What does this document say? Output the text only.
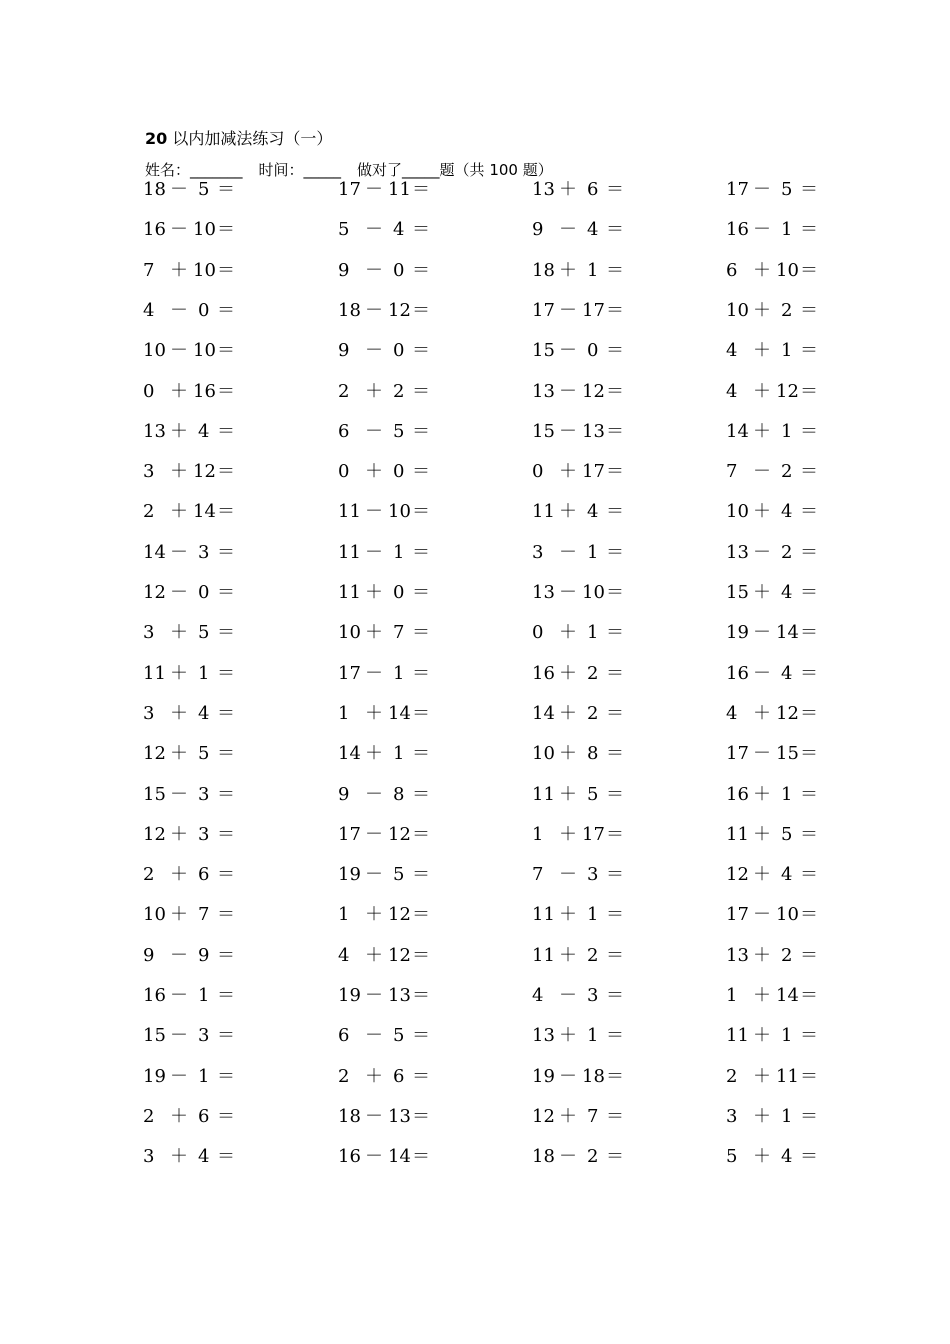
20 以内加减法练习（一）
姓名：_______ 时间：_____ 做对了_____题（共 100 题）
18 － 5 ＝
16 － 10 ＝
7 ＋ 10 ＝
4 － 0 ＝
10 － 10 ＝
0 ＋ 16 ＝
13 ＋ 4 ＝
3 ＋ 12 ＝
2 ＋ 14 ＝
14 － 3 ＝
12 － 0 ＝
3 ＋ 5 ＝
11 ＋ 1 ＝
3 ＋ 4 ＝
12 ＋ 5 ＝
15 － 3 ＝
12 ＋ 3 ＝
2 ＋ 6 ＝
10 ＋ 7 ＝
9 － 9 ＝
16 － 1 ＝
15 － 3 ＝
19 － 1 ＝
2 ＋ 6 ＝
3 ＋ 4 ＝
17 － 11 ＝
5 － 4 ＝
9 － 0 ＝
18 － 12 ＝
9 － 0 ＝
2 ＋ 2 ＝
6 － 5 ＝
0 ＋ 0 ＝
11 － 10 ＝
11 － 1 ＝
11 ＋ 0 ＝
10 ＋ 7 ＝
17 － 1 ＝
1 ＋ 14 ＝
14 ＋ 1 ＝
9 － 8 ＝
17 － 12 ＝
19 － 5 ＝
1 ＋ 12 ＝
4 ＋ 12 ＝
19 － 13 ＝
6 － 5 ＝
2 ＋ 6 ＝
18 － 13 ＝
16 － 14 ＝
13 ＋ 6 ＝
9 － 4 ＝
18 ＋ 1 ＝
17 － 17 ＝
15 － 0 ＝
13 － 12 ＝
15 － 13 ＝
0 ＋ 17 ＝
11 ＋ 4 ＝
3 － 1 ＝
13 － 10 ＝
0 ＋ 1 ＝
16 ＋ 2 ＝
14 ＋ 2 ＝
10 ＋ 8 ＝
11 ＋ 5 ＝
1 ＋ 17 ＝
7 － 3 ＝
11 ＋ 1 ＝
11 ＋ 2 ＝
4 － 3 ＝
13 ＋ 1 ＝
19 － 18 ＝
12 ＋ 7 ＝
18 － 2 ＝
17 － 5 ＝
16 － 1 ＝
6 ＋ 10 ＝
10 ＋ 2 ＝
4 ＋ 1 ＝
4 ＋ 12 ＝
14 ＋ 1 ＝
7 － 2 ＝
10 ＋ 4 ＝
13 － 2 ＝
15 ＋ 4 ＝
19 － 14 ＝
16 － 4 ＝
4 ＋ 12 ＝
17 － 15 ＝
16 ＋ 1 ＝
11 ＋ 5 ＝
12 ＋ 4 ＝
17 － 10 ＝
13 ＋ 2 ＝
1 ＋ 14 ＝
11 ＋ 1 ＝
2 ＋ 11 ＝
3 ＋ 1 ＝
5 ＋ 4 ＝
